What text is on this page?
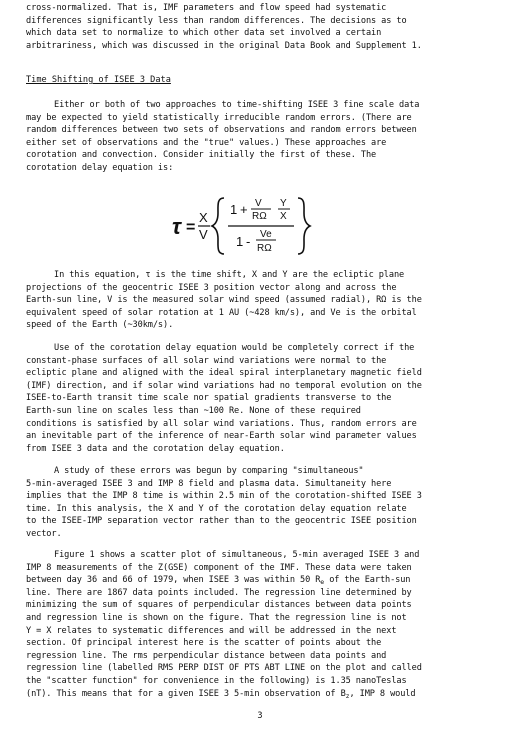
cross-normalized. That is, IMF parameters and flow speed had systematic
differences significantly less than random differences. The decisions as to
which data set to normalize to which other data set involved a certain
arbitrariness, which was discussed in the original Data Book and Supplement 1.
Time Shifting of ISEE 3 Data
Either or both of two approaches to time-shifting ISEE 3 fine scale data
may be expected to yield statistically irreducible random errors. (There are
random differences between two sets of observations and random errors between
either set of observations and the "true" values.) These approaches are
corotation and convection. Consider initially the first of these. The
corotation delay equation is:
τ =
X
V
1 + V
RΩ
Y
X
1 - Ve
RΩ
In this equation, τ is the time shift, X and Y are the ecliptic plane
projections of the geocentric ISEE 3 position vector along and across the
Earth-sun line, V is the measured solar wind speed (assumed radial), RΩ is the
equivalent speed of solar rotation at 1 AU (~428 km/s), and Ve is the orbital
speed of the Earth (~30km/s).
Use of the corotation delay equation would be completely correct if the
constant-phase surfaces of all solar wind variations were normal to the
ecliptic plane and aligned with the ideal spiral interplanetary magnetic field
(IMF) direction, and if solar wind variations had no temporal evolution on the
ISEE-to-Earth transit time scale nor spatial gradients transverse to the
Earth-sun line on scales less than ~100 Re. None of these required
conditions is satisfied by all solar wind variations. Thus, random errors are
an inevitable part of the inference of near-Earth solar wind parameter values
from ISEE 3 data and the corotation delay equation.
A study of these errors was begun by comparing "simultaneous"
5-min-averaged ISEE 3 and IMP 8 field and plasma data. Simultaneity here
implies that the IMP 8 time is within 2.5 min of the corotation-shifted ISEE 3
time. In this analysis, the X and Y of the corotation delay equation relate
to the ISEE-IMP separation vector rather than to the geocentric ISEE position
vector.
Figure 1 shows a scatter plot of simultaneous, 5-min averaged ISEE 3 and
IMP 8 measurements of the Z(GSE) component of the IMF. These data were taken
between day 36 and 66 of 1979, when ISEE 3 was within 50 $R_e$ of the Earth-sun
line. There are 1867 data points included. The regression line determined by
minimizing the sum of squares of perpendicular distances between data points
and regression line is shown on the figure. That the regression line is not
Y = X relates to systematic differences and will be addressed in the next
section. Of principal interest here is the scatter of points about the
regression line. The rms perpendicular distance between data points and
regression line (labelled RMS PERP DIST OF PTS ABT LINE on the plot and called
the "scatter function" for convenience in the following) is 1.35 nanoTeslas
(nT). This means that for a given ISEE 3 5-min observation of $B_z$, IMP 8 would
3
